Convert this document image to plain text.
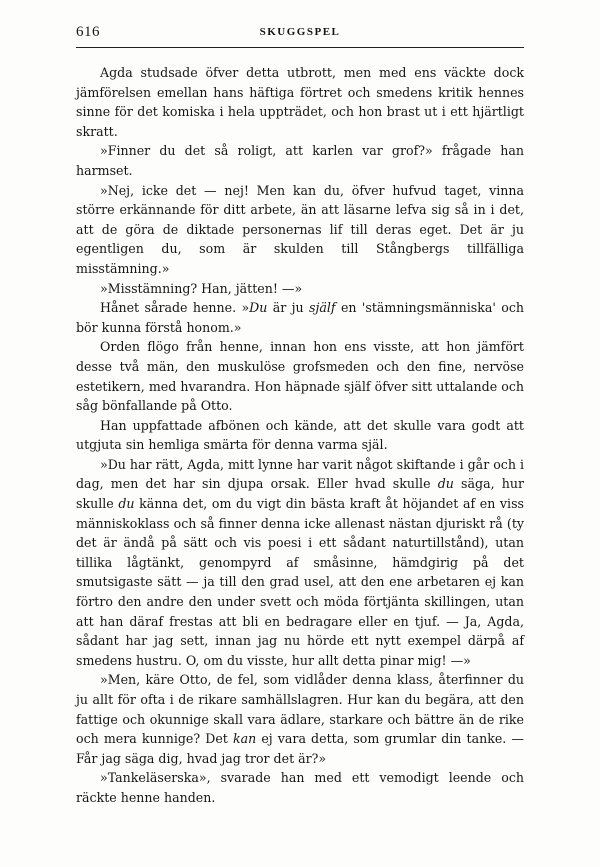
616	SKUGGSPEL

Agda studsade öfver detta utbrott, men med ens väckte dock jämförelsen emellan hans häftiga förtret och smedens kritik hennes sinne för det komiska i hela uppträdet, och hon brast ut i ett hjärtligt skratt.

»Finner du det så roligt, att karlen var grof?» frågade han harmset.

»Nej, icke det — nej! Men kan du, öfver hufvud taget, vinna större erkännande för ditt arbete, än att läsarne lefva sig så in i det, att de göra de diktade personernas lif till deras eget. Det är ju egentligen du, som är skulden till Stångbergs tillfälliga misstämning.»

»Misstämning? Han, jätten! —»

Hånet sårade henne. »Du är ju själf en 'stämningsmänniska' och bör kunna förstå honom.»

Orden flögo från henne, innan hon ens visste, att hon jämfört desse två män, den muskulöse grofsmeden och den fine, nervöse estetikern, med hvarandra. Hon häpnade själf öfver sitt uttalande och såg bönfallande på Otto.

Han uppfattade afbönen och kände, att det skulle vara godt att utgjuta sin hemliga smärta för denna varma själ.

»Du har rätt, Agda, mitt lynne har varit något skiftande i går och i dag, men det har sin djupa orsak. Eller hvad skulle du säga, hur skulle du känna det, om du vigt din bästa kraft åt höjandet af en viss människoklass och så finner denna icke allenast nästan djuriskt rå (ty det är ändå på sätt och vis poesi i ett sådant naturtillstånd), utan tillika lågtänkt, genompyrd af småsinne, hämdgirig på det smutsigaste sätt — ja till den grad usel, att den ene arbetaren ej kan förtro den andre den under svett och möda förtjänta skillingen, utan att han däraf frestas att bli en bedragare eller en tjuf. — Ja, Agda, sådant har jag sett, innan jag nu hörde ett nytt exempel därpå af smedens hustru. O, om du visste, hur allt detta pinar mig! —»

»Men, käre Otto, de fel, som vidlåder denna klass, återfinner du ju allt för ofta i de rikare samhällslagren. Hur kan du begära, att den fattige och okunnige skall vara ädlare, starkare och bättre än de rike och mera kunnige? Det kan ej vara detta, som grumlar din tanke. — Får jag säga dig, hvad jag tror det är?»

»Tankeläserska», svarade han med ett vemodigt leende och räckte henne handen.
